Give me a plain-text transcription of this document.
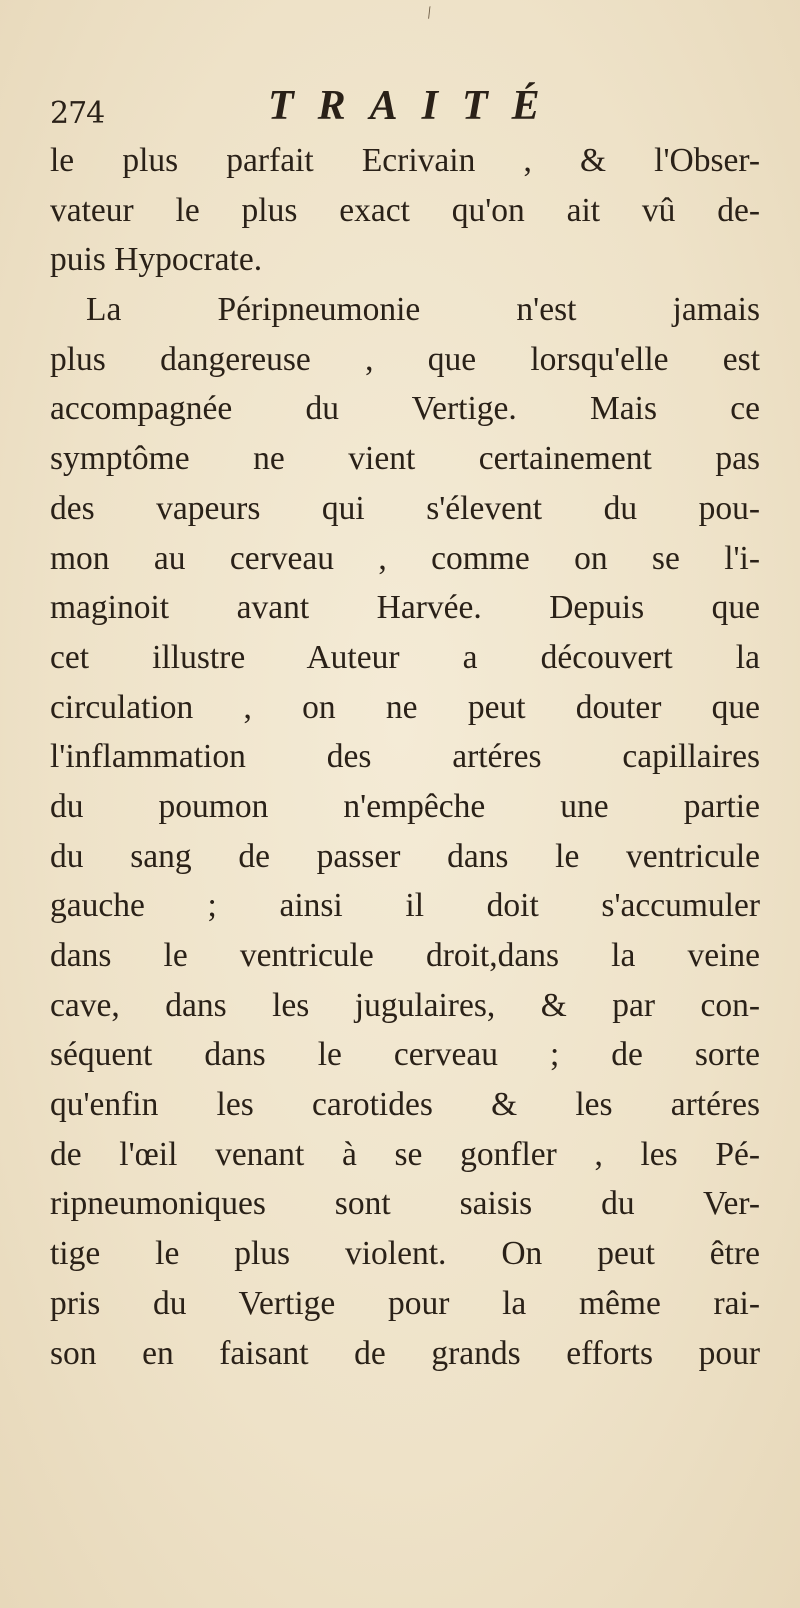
⁄
274	TRAITÉ
le plus parfait Ecrivain , & l'Obser-
vateur le plus exact qu'on ait vû de-
puis Hypocrate.
La Péripneumonie n'est jamais
plus dangereuse , que lorsqu'elle est
accompagnée du Vertige. Mais ce
symptôme ne vient certainement pas
des vapeurs qui s'élevent du pou-
mon au cerveau , comme on se l'i-
maginoit avant Harvée. Depuis que
cet illustre Auteur a découvert la
circulation , on ne peut douter que
l'inflammation des artéres capillaires
du poumon n'empêche une partie
du sang de passer dans le ventricule
gauche ; ainsi il doit s'accumuler
dans le ventricule droit,dans la veine
cave, dans les jugulaires, & par con-
séquent dans le cerveau ; de sorte
qu'enfin les carotides & les artéres
de l'œil venant à se gonfler , les Pé-
ripneumoniques sont saisis du Ver-
tige le plus violent. On peut être
pris du Vertige pour la même rai-
son en faisant de grands efforts pour
